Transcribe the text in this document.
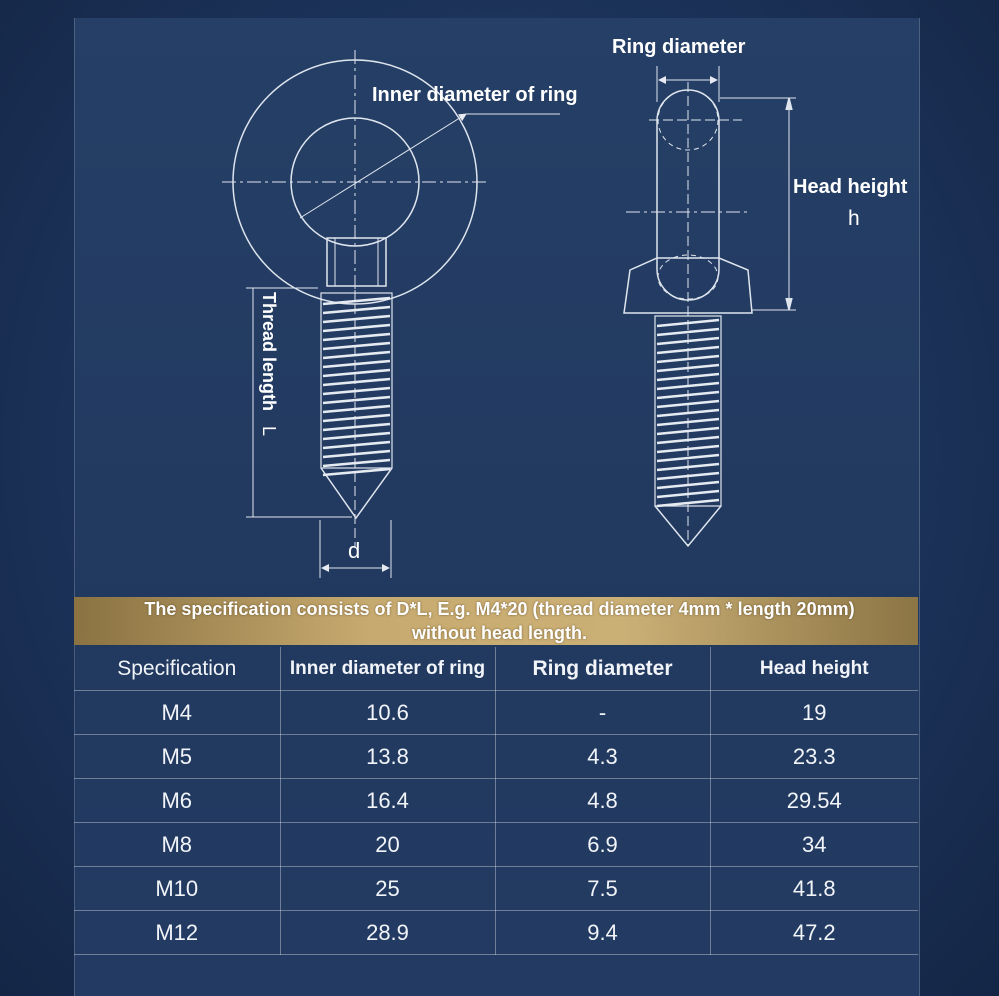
Inner diameter of ring
Ring diameter
Head height
h
Thread length L
d
The specification consists of D*L, E.g. M4*20 (thread diameter 4mm * length 20mm)
without head length.
Specification	Inner diameter of ring	Ring diameter	Head height
M4	10.6	-	19
M5	13.8	4.3	23.3
M6	16.4	4.8	29.54
M8	20	6.9	34
M10	25	7.5	41.8
M12	28.9	9.4	47.2
